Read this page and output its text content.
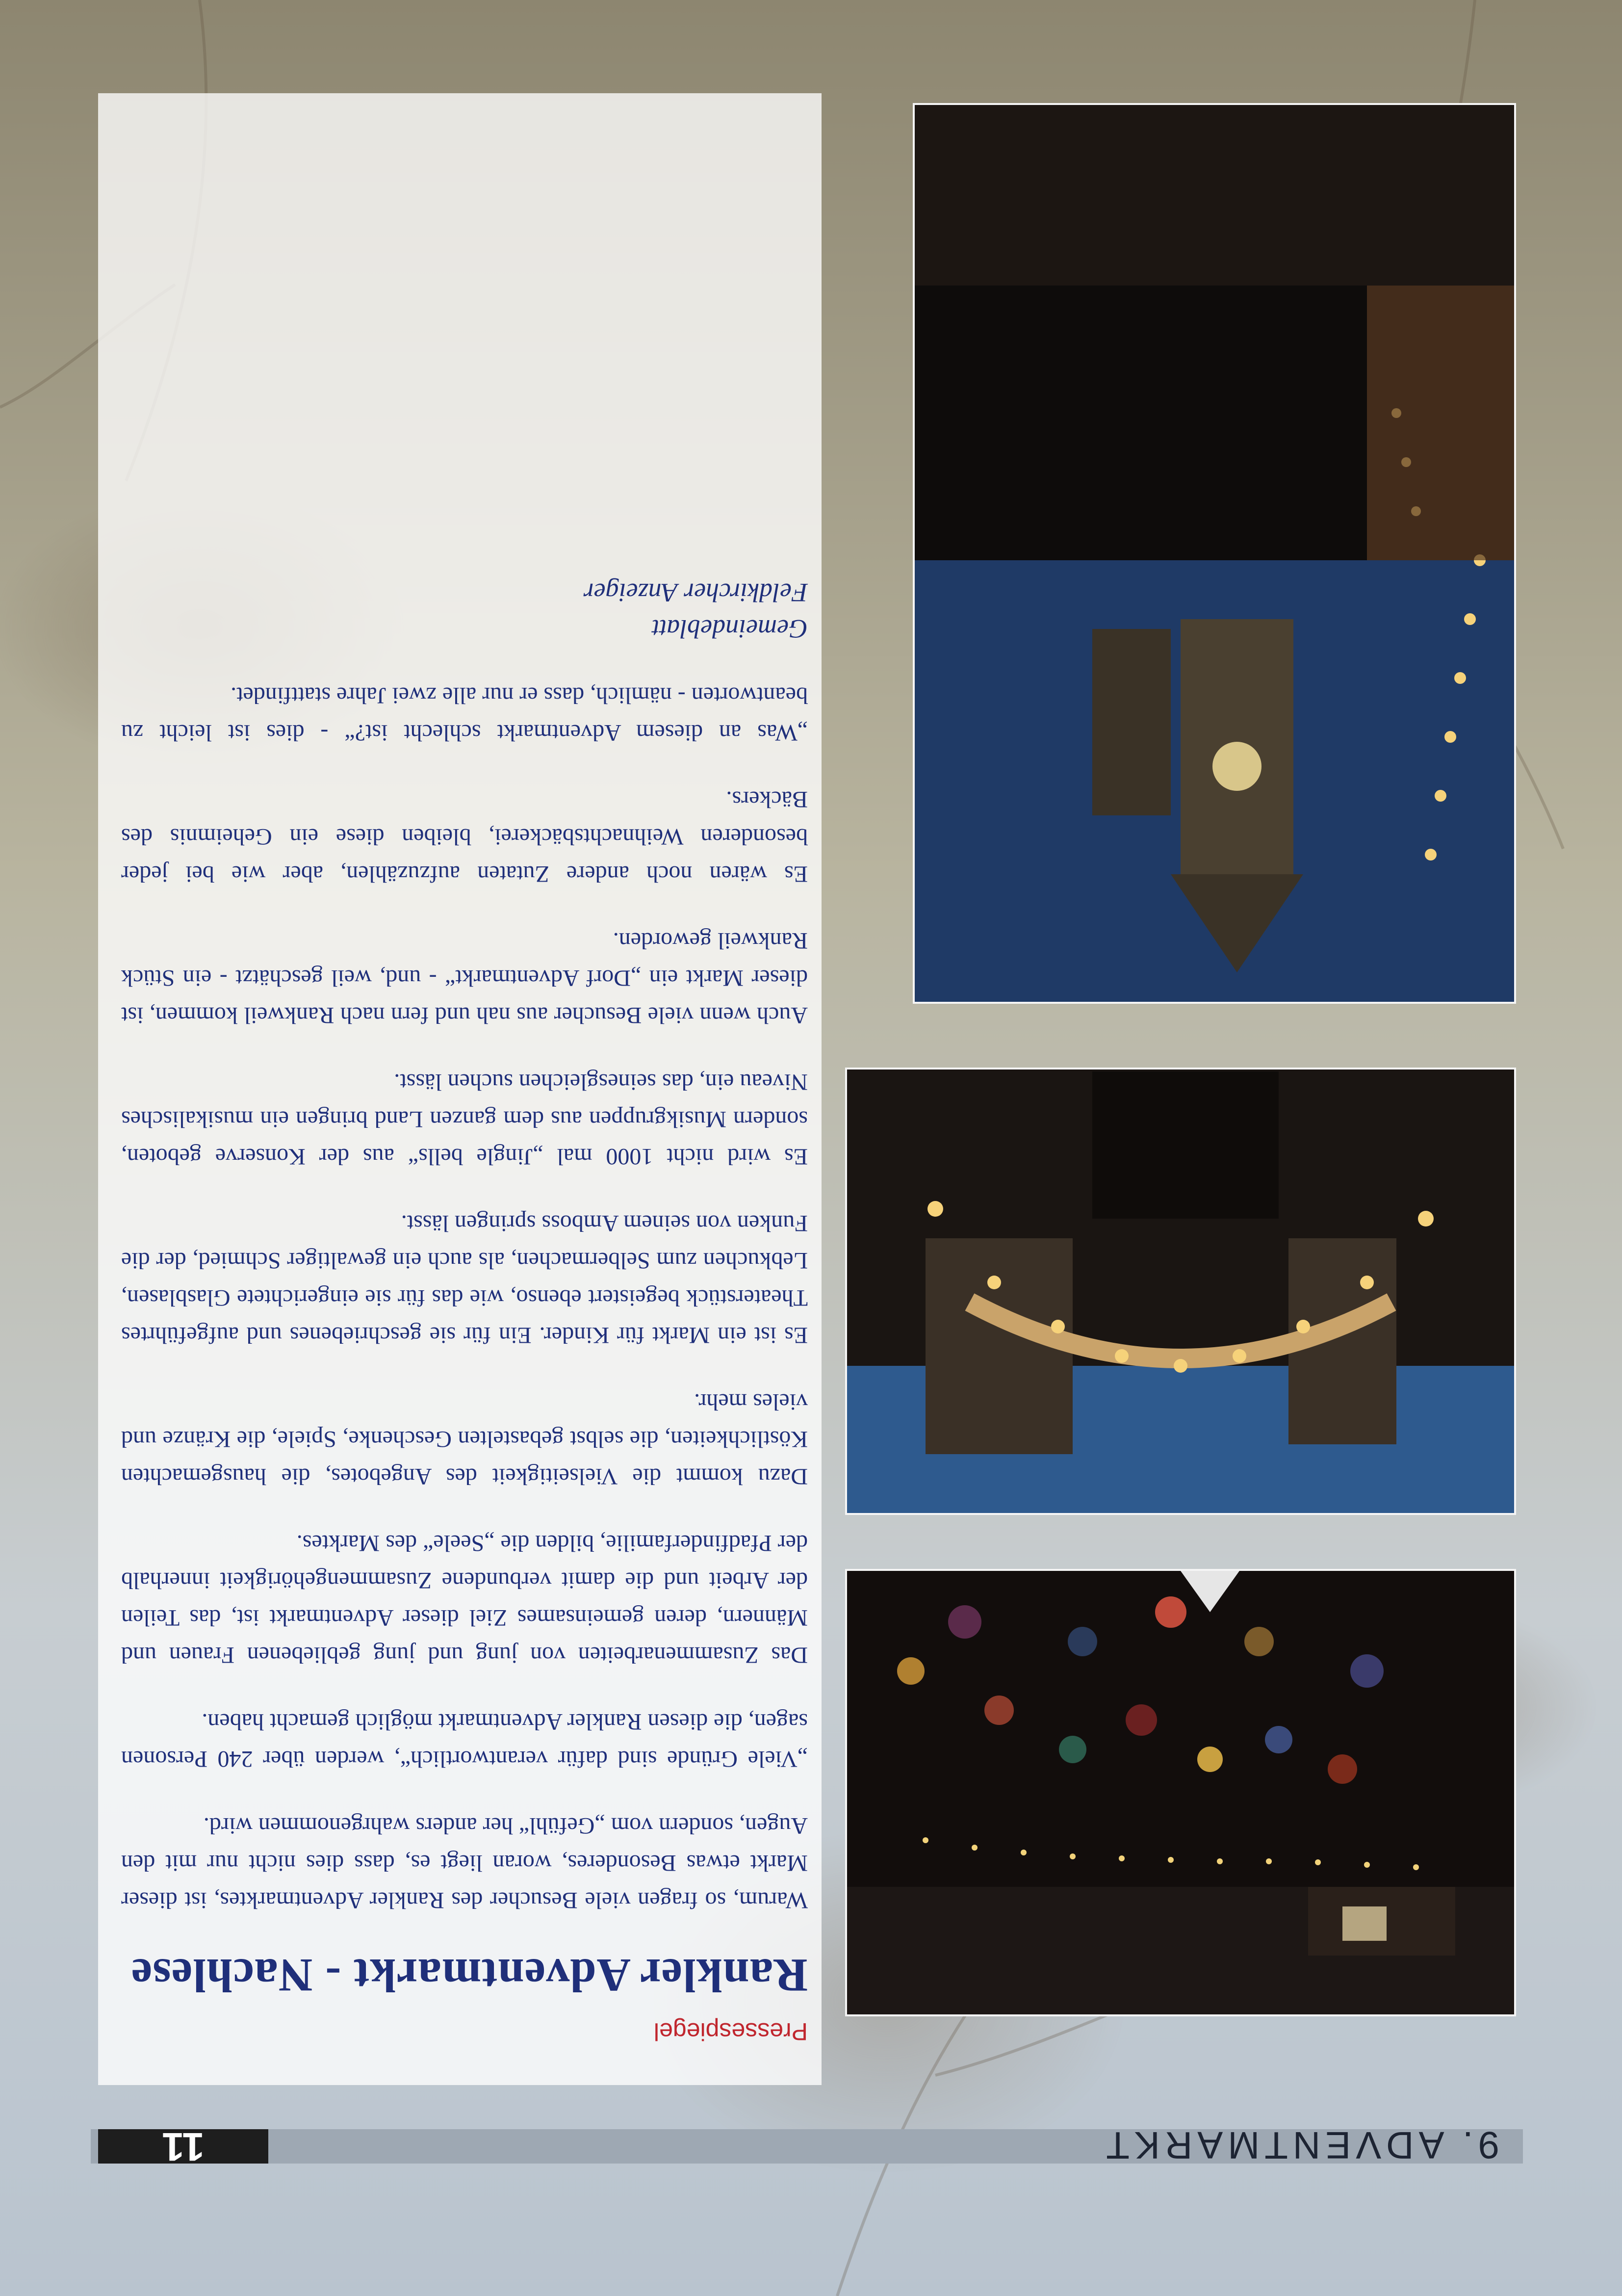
9. ADVENTMARKT
11
Pressespiegel
Rankler Adventmarkt - Nachlese

Warum, so fragen viele Besucher des Rankler Adventmarktes, ist dieser Markt etwas Besonderes, woran liegt es, dass dies nicht nur mit den Augen, sondern vom „Gefühl“ her anders wahrgenommen wird.

„Viele Gründe sind dafür verantwortlich“, werden über 240 Personen sagen, die diesen Rankler Adventmarkt möglich gemacht haben.

Das Zusammenarbeiten von jung und jung gebliebenen Frauen und Männern, deren gemeinsames Ziel dieser Adventmarkt ist, das Teilen der Arbeit und die damit verbundene Zusammengehörigkeit innerhalb der Pfadfinderfamilie, bilden die „Seele“ des Marktes.

Dazu kommt die Vielseitigkeit des Angebotes, die hausgemachten Köstlichkeiten, die selbst gebastelten Geschenke, Spiele, die Kränze und vieles mehr.

Es ist ein Markt für Kinder. Ein für sie geschriebenes und aufgeführtes Theaterstück begeistert ebenso, wie das für sie eingerichtete Glasblasen, Lebkuchen zum Selbermachen, als auch ein gewaltiger Schmied, der die Funken von seinem Amboss springen lässt.

Es wird nicht 1000 mal „Jingle bells“ aus der Konserve geboten, sondern Musikgruppen aus dem ganzen Land bringen ein musikalisches Niveau ein, das seinesgleichen suchen lässt.

Auch wenn viele Besucher aus nah und fern nach Rankweil kommen, ist dieser Markt ein „Dorf Adventmarkt“ - und, weil geschätzt - ein Stück Rankweil geworden.

Es wären noch andere Zutaten aufzuzählen, aber wie bei jeder besonderen Weihnachtsbäckerei, bleiben diese ein Geheimnis des Bäckers.

„Was an diesem Adventmarkt schlecht ist?“ - dies ist leicht zu beantworten - nämlich, dass er nur alle zwei Jahre stattfindet.

Gemeindeblatt
Feldkircher Anzeiger
